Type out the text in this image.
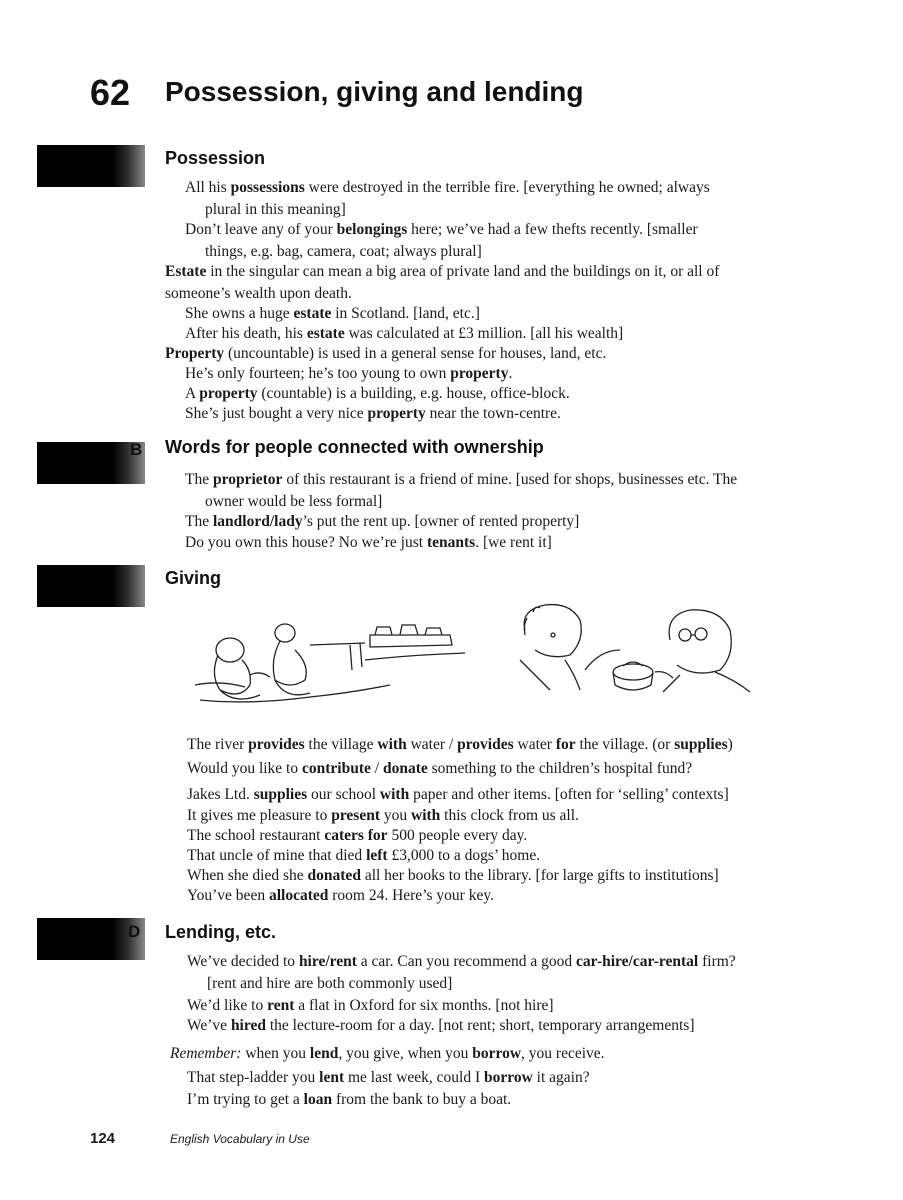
62 Possession, giving and lending
Possession
All his possessions were destroyed in the terrible fire. [everything he owned; always
plural in this meaning]
Don’t leave any of your belongings here; we’ve had a few thefts recently. [smaller
things, e.g. bag, camera, coat; always plural]
Estate in the singular can mean a big area of private land and the buildings on it, or all of
someone’s wealth upon death.
She owns a huge estate in Scotland. [land, etc.]
After his death, his estate was calculated at £3 million. [all his wealth]
Property (uncountable) is used in a general sense for houses, land, etc.
He’s only fourteen; he’s too young to own property.
A property (countable) is a building, e.g. house, office-block.
She’s just bought a very nice property near the town-centre.
B Words for people connected with ownership
The proprietor of this restaurant is a friend of mine. [used for shops, businesses etc. The
owner would be less formal]
The landlord/lady’s put the rent up. [owner of rented property]
Do you own this house? No we’re just tenants. [we rent it]
Giving
The river provides the village with water / provides water for the village. (or supplies)
Would you like to contribute / donate something to the children’s hospital fund?
Jakes Ltd. supplies our school with paper and other items. [often for ‘selling’ contexts]
It gives me pleasure to present you with this clock from us all.
The school restaurant caters for 500 people every day.
That uncle of mine that died left £3,000 to a dogs’ home.
When she died she donated all her books to the library. [for large gifts to institutions]
You’ve been allocated room 24. Here’s your key.
D Lending, etc.
We’ve decided to hire/rent a car. Can you recommend a good car-hire/car-rental firm?
[rent and hire are both commonly used]
We’d like to rent a flat in Oxford for six months. [not hire]
We’ve hired the lecture-room for a day. [not rent; short, temporary arrangements]
Remember: when you lend, you give, when you borrow, you receive.
That step-ladder you lent me last week, could I borrow it again?
I’m trying to get a loan from the bank to buy a boat.
124	English Vocabulary in Use
